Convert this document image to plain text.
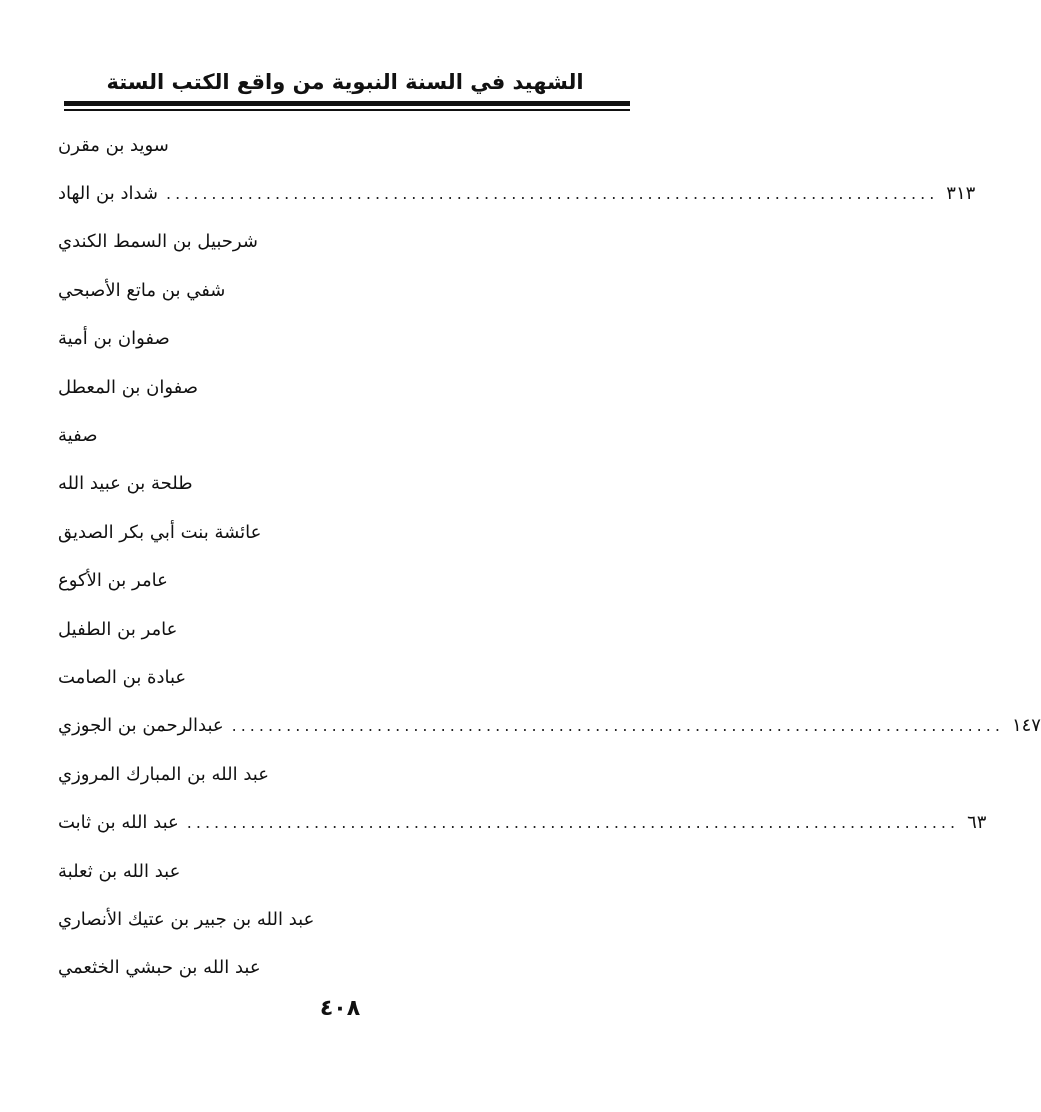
الشهيد في السنة النبوية من واقع الكتب الستة
سويد بن مقرن
شداد بن الهاد ..................................................................................... ٣١٣
شرحبيل بن السمط الكندي
شفي بن ماتع الأصبحي
صفوان بن أمية
صفوان بن المعطل
صفية
طلحة بن عبيد الله
عائشة بنت أبي بكر الصديق
عامر بن الأكوع
عامر بن الطفيل
عبادة بن الصامت
عبدالرحمن بن الجوزي ..................................................................................... ١٤٧
عبد الله بن المبارك المروزي
عبد الله بن ثابت ..................................................................................... ٦٣
عبد الله بن ثعلبة
عبد الله بن جبير بن عتيك الأنصاري
عبد الله بن حبشي الخثعمي
٤٠٨
